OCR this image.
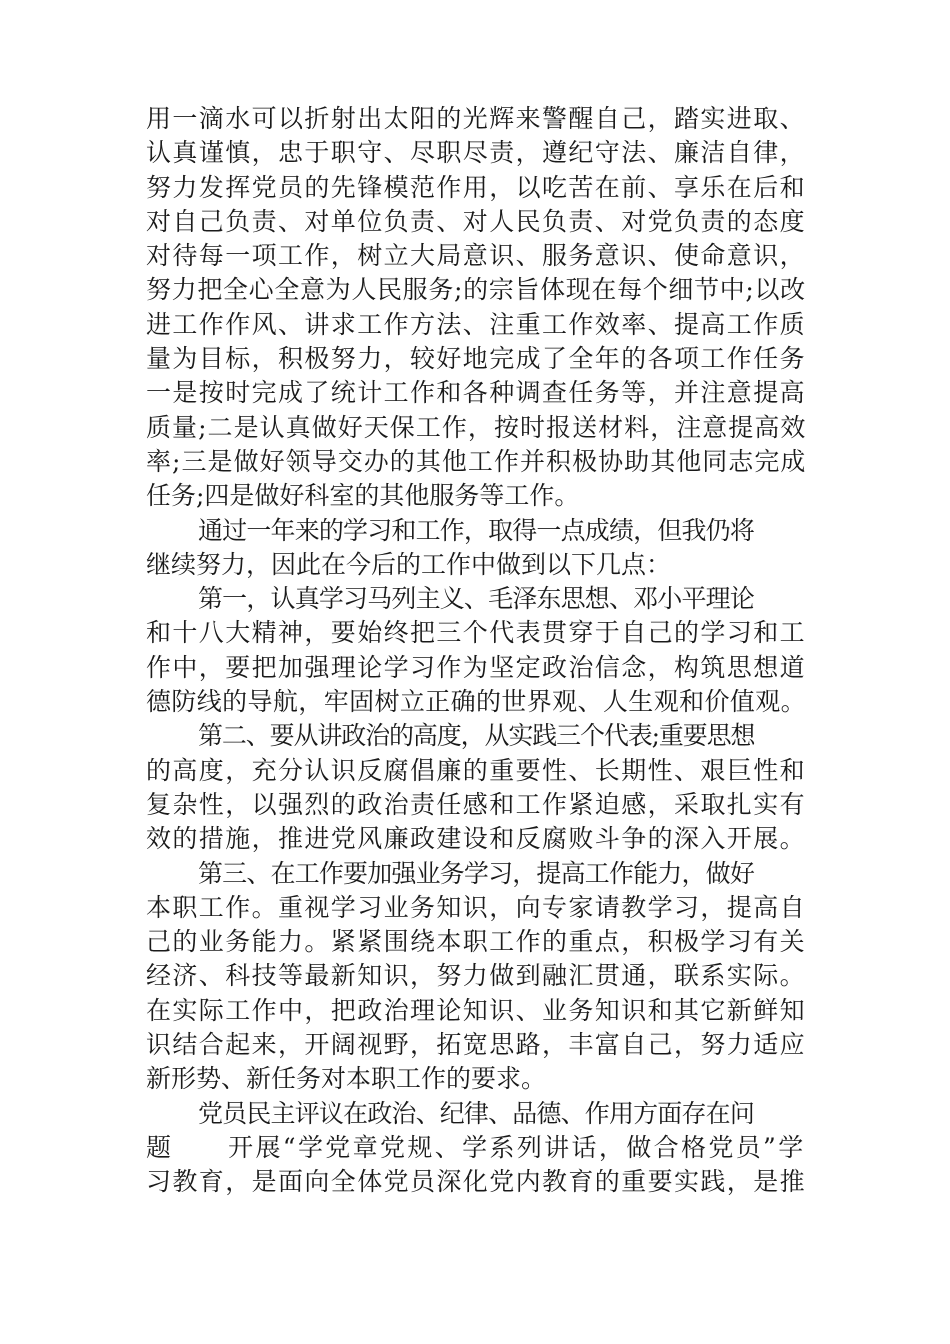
用一滴水可以折射出太阳的光辉来警醒自己，踏实进取、
认真谨慎，忠于职守、尽职尽责，遵纪守法、廉洁自律，
努力发挥党员的先锋模范作用，以吃苦在前、享乐在后和
对自己负责、对单位负责、对人民负责、对党负责的态度
对待每一项工作，树立大局意识、服务意识、使命意识，
努力把全心全意为人民服务;的宗旨体现在每个细节中;以改
进工作作风、讲求工作方法、注重工作效率、提高工作质
量为目标，积极努力，较好地完成了全年的各项工作任务
一是按时完成了统计工作和各种调查任务等，并注意提高
质量;二是认真做好天保工作，按时报送材料，注意提高效
率;三是做好领导交办的其他工作并积极协助其他同志完成
任务;四是做好科室的其他服务等工作。
通过一年来的学习和工作，取得一点成绩，但我仍将
继续努力，因此在今后的工作中做到以下几点：
第一，认真学习马列主义、毛泽东思想、邓小平理论
和十八大精神，要始终把三个代表贯穿于自己的学习和工
作中，要把加强理论学习作为坚定政治信念，构筑思想道
德防线的导航，牢固树立正确的世界观、人生观和价值观。
第二、要从讲政治的高度，从实践三个代表;重要思想
的高度，充分认识反腐倡廉的重要性、长期性、艰巨性和
复杂性，以强烈的政治责任感和工作紧迫感，采取扎实有
效的措施，推进党风廉政建设和反腐败斗争的深入开展。
第三、在工作要加强业务学习，提高工作能力，做好
本职工作。重视学习业务知识，向专家请教学习，提高自
己的业务能力。紧紧围绕本职工作的重点，积极学习有关
经济、科技等最新知识，努力做到融汇贯通，联系实际。
在实际工作中，把政治理论知识、业务知识和其它新鲜知
识结合起来，开阔视野，拓宽思路，丰富自己，努力适应
新形势、新任务对本职工作的要求。
党员民主评议在政治、纪律、品德、作用方面存在问
题　　开展“学党章党规、学系列讲话，做合格党员”学
习教育，是面向全体党员深化党内教育的重要实践，是推
